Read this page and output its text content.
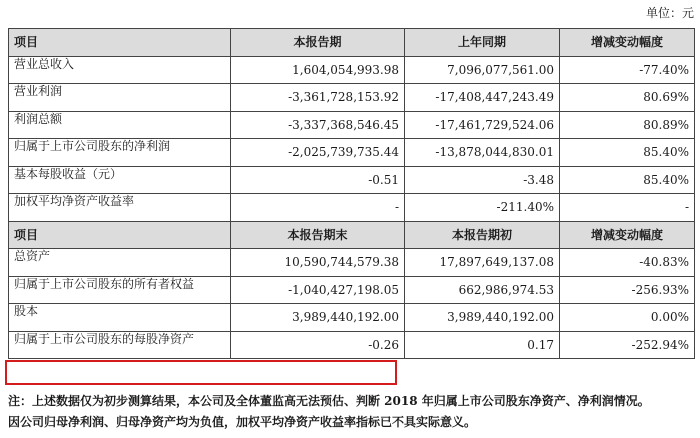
单位：元
项目	本报告期	上年同期	增减变动幅度
营业总收入	1,604,054,993.98	7,096,077,561.00	-77.40%
营业利润	-3,361,728,153.92	-17,408,447,243.49	80.69%
利润总额	-3,337,368,546.45	-17,461,729,524.06	80.89%
归属于上市公司股东的净利润	-2,025,739,735.44	-13,878,044,830.01	85.40%
基本每股收益（元）	-0.51	-3.48	85.40%
加权平均净资产收益率	-	-211.40%	-
项目	本报告期末	本报告期初	增减变动幅度
总资产	10,590,744,579.38	17,897,649,137.08	-40.83%
归属于上市公司股东的所有者权益	-1,040,427,198.05	662,986,974.53	-256.93%
股本	3,989,440,192.00	3,989,440,192.00	0.00%
归属于上市公司股东的每股净资产	-0.26	0.17	-252.94%
注：上述数据仅为初步测算结果，本公司及全体董监高无法预估、判断 2018 年归属上市公司股东净资产、净利润情况。
因公司归母净利润、归母净资产均为负值，加权平均净资产收益率指标已不具实际意义。
